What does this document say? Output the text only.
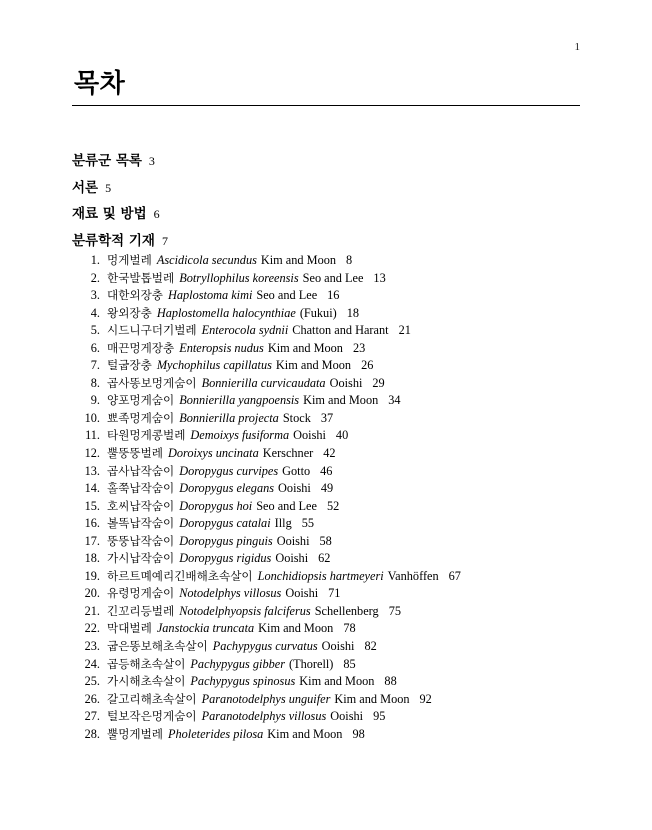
1
목차
분류군 목록 3
서론 5
재료 및 방법 6
분류학적 기재 7
1. 멍게벌레 Ascidicola secundus Kim and Moon 8
2. 한국발톱벌레 Botryllophilus koreensis Seo and Lee 13
3. 대한외장충 Haplostoma kimi Seo and Lee 16
4. 왕외장충 Haplostomella halocynthiae (Fukui) 18
5. 시드니구더기벌레 Enterocola sydnii Chatton and Harant 21
6. 매끈멍게장충 Enteropsis nudus Kim and Moon 23
7. 털굽장충 Mychophilus capillatus Kim and Moon 26
8. 곱사똥보멍게숨이 Bonnierilla curvicaudata Ooishi 29
9. 양포멍게숨이 Bonnierilla yangpoensis Kim and Moon 34
10. 뾰족멍게숨이 Bonnierilla projecta Stock 37
11. 타원멍게콩벌레 Demoixys fusiforma Ooishi 40
12. 뿔뚱뚱벌레 Doroixys uncinata Kerschner 42
13. 곱사납작숨이 Doropygus curvipes Gotto 46
14. 홀쭉납작숨이 Doropygus elegans Ooishi 49
15. 호씨납작숨이 Doropygus hoi Seo and Lee 52
16. 볼똑납작숨이 Doropygus catalai Illg 55
17. 뚱뚱납작숨이 Doropygus pinguis Ooishi 58
18. 가시납작숨이 Doropygus rigidus Ooishi 62
19. 하르트몌예리긴배해초속살이 Lonchidiopsis hartmeyeri Vanhöffen 67
20. 유령멍게숨이 Notodelphys villosus Ooishi 71
21. 긴꼬리등벌레 Notodelphyopsis falciferus Schellenberg 75
22. 막대벌레 Janstockia truncata Kim and Moon 78
23. 굽은똥보해초속살이 Pachypygus curvatus Ooishi 82
24. 곱등해초속살이 Pachypygus gibber (Thorell) 85
25. 가시해초속살이 Pachypygus spinosus Kim and Moon 88
26. 갈고리해초속살이 Paranotodelphys unguifer Kim and Moon 92
27. 털보작은멍게숨이 Paranotodelphys villosus Ooishi 95
28. 뿔멍게벌레 Pholeterides pilosa Kim and Moon 98
